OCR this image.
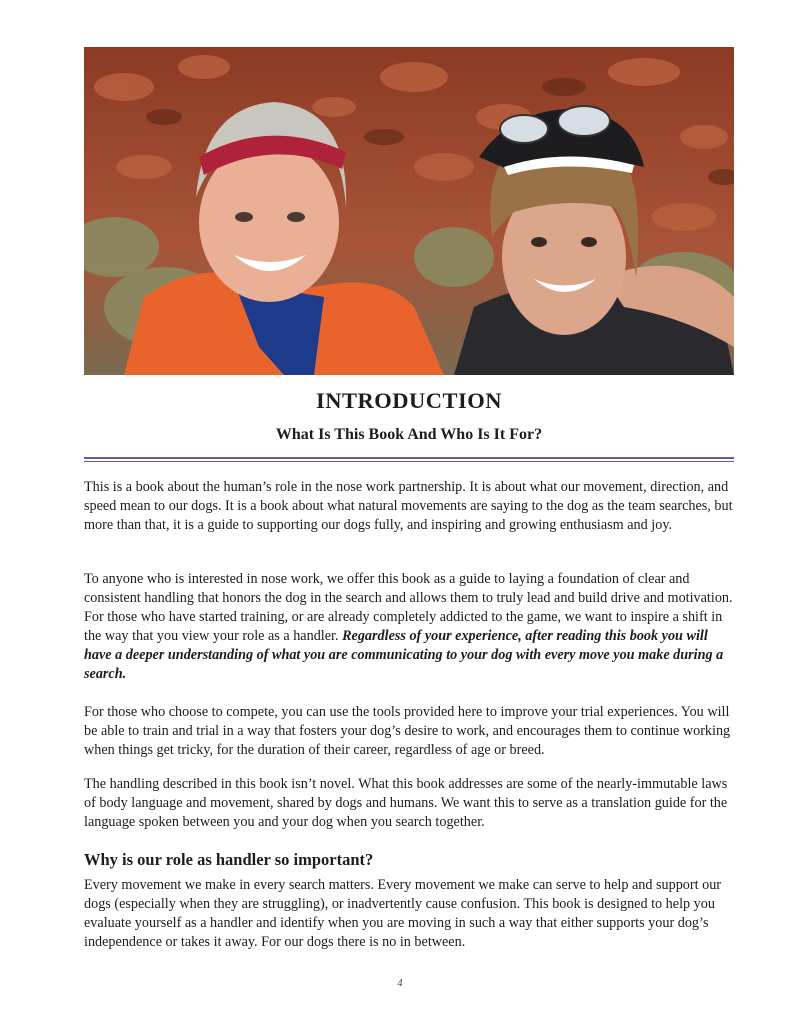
INTRODUCTION
What Is This Book And Who Is It For?

This is a book about the human’s role in the nose work partnership. It is about what our movement, direction, and speed mean to our dogs. It is a book about what natural movements are saying to the dog as the team searches, but more than that, it is a guide to supporting our dogs fully, and inspiring and growing enthusiasm and joy.

To anyone who is interested in nose work, we offer this book as a guide to laying a foundation of clear and consistent handling that honors the dog in the search and allows them to truly lead and build drive and motivation. For those who have started training, or are already completely addicted to the game, we want to inspire a shift in the way that you view your role as a handler. Regardless of your experience, after reading this book you will have a deeper understanding of what you are communicating to your dog with every move you make during a search.

For those who choose to compete, you can use the tools provided here to improve your trial experiences. You will be able to train and trial in a way that fosters your dog’s desire to work, and encourages them to continue working when things get tricky, for the duration of their career, regardless of age or breed.

The handling described in this book isn’t novel. What this book addresses are some of the nearly-immutable laws of body language and movement, shared by dogs and humans. We want this to serve as a translation guide for the language spoken between you and your dog when you search together.

Why is our role as handler so important?

Every movement we make in every search matters. Every movement we make can serve to help and support our dogs (especially when they are struggling), or inadvertently cause confusion. This book is designed to help you evaluate yourself as a handler and identify when you are moving in such a way that either supports your dog’s independence or takes it away. For our dogs there is no in between.

4
